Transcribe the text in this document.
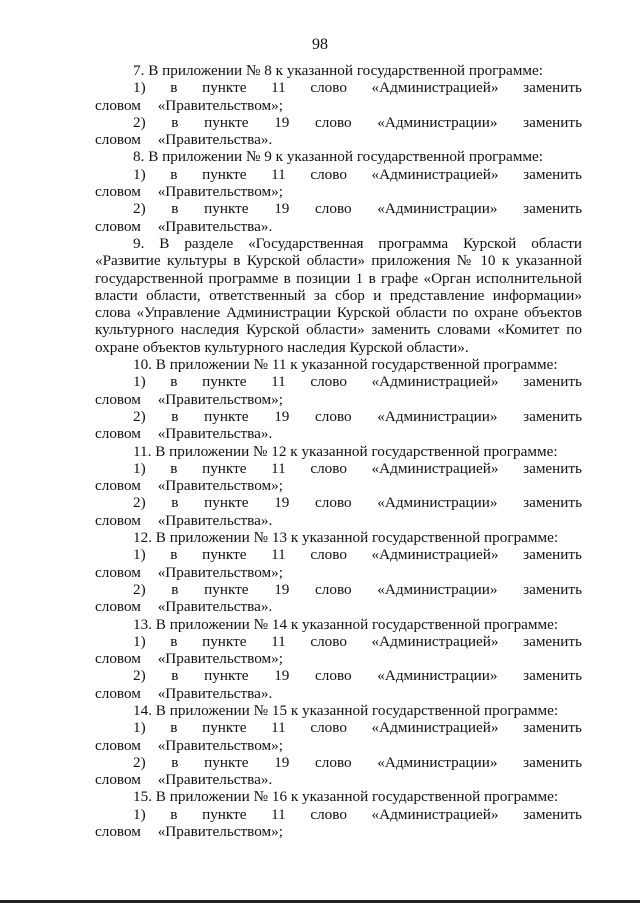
98

7. В приложении № 8 к указанной государственной программе:

1) в пункте 11 слово «Администрацией» заменить словом «Правительством»;

2) в пункте 19 слово «Администрации» заменить словом «Правительства».

8. В приложении № 9 к указанной государственной программе:

1) в пункте 11 слово «Администрацией» заменить словом «Правительством»;

2) в пункте 19 слово «Администрации» заменить словом «Правительства».

9. В разделе «Государственная программа Курской области «Развитие культуры в Курской области» приложения № 10 к указанной государственной программе в позиции 1 в графе «Орган исполнительной власти области, ответственный за сбор и представление информации» слова «Управление Администрации Курской области по охране объектов культурного наследия Курской области» заменить словами «Комитет по охране объектов культурного наследия Курской области».

10. В приложении № 11 к указанной государственной программе:

1) в пункте 11 слово «Администрацией» заменить словом «Правительством»;

2) в пункте 19 слово «Администрации» заменить словом «Правительства».

11. В приложении № 12 к указанной государственной программе:

1) в пункте 11 слово «Администрацией» заменить словом «Правительством»;

2) в пункте 19 слово «Администрации» заменить словом «Правительства».

12. В приложении № 13 к указанной государственной программе:

1) в пункте 11 слово «Администрацией» заменить словом «Правительством»;

2) в пункте 19 слово «Администрации» заменить словом «Правительства».

13. В приложении № 14 к указанной государственной программе:

1) в пункте 11 слово «Администрацией» заменить словом «Правительством»;

2) в пункте 19 слово «Администрации» заменить словом «Правительства».

14. В приложении № 15 к указанной государственной программе:

1) в пункте 11 слово «Администрацией» заменить словом «Правительством»;

2) в пункте 19 слово «Администрации» заменить словом «Правительства».

15. В приложении № 16 к указанной государственной программе:

1) в пункте 11 слово «Администрацией» заменить словом «Правительством»;
